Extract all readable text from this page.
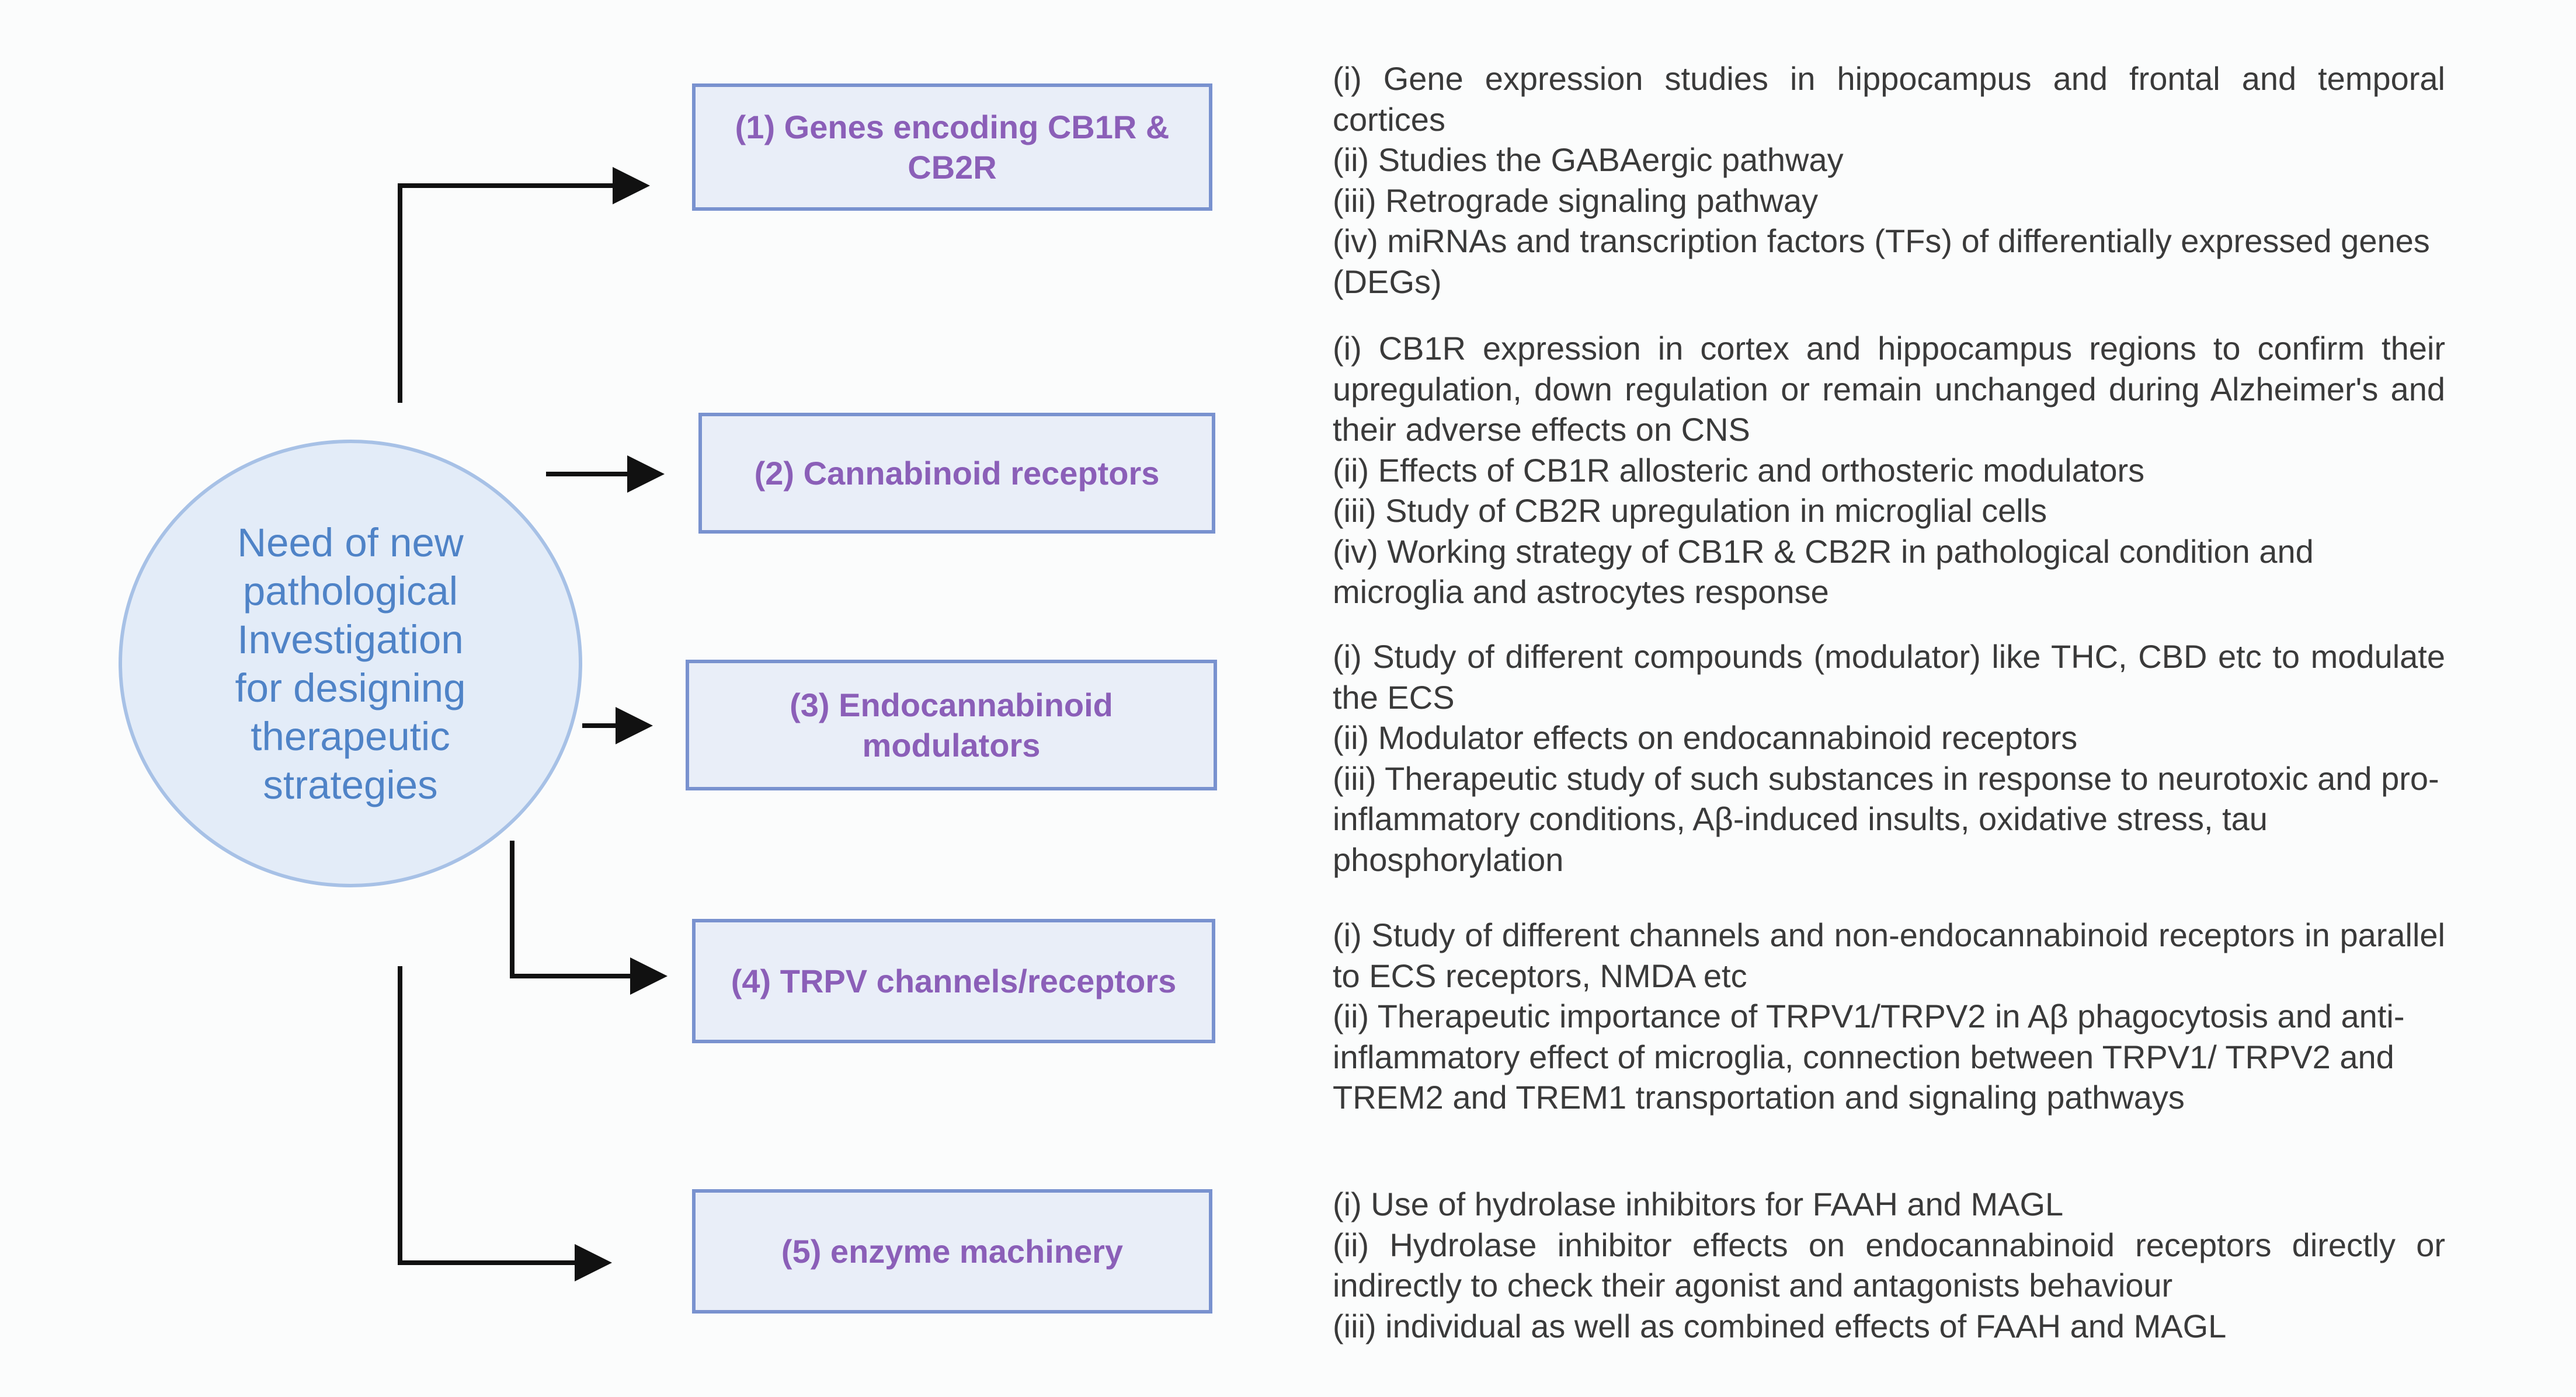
Need of new
pathological
Investigation
for designing
therapeutic
strategies
(1) Genes encoding CB1R &
CB2R
(2) Cannabinoid receptors
(3) Endocannabinoid
modulators
(4) TRPV channels/receptors
(5) enzyme machinery
(i) Gene expression studies in hippocampus and frontal and temporal cortices
(ii) Studies the GABAergic pathway
(iii) Retrograde signaling pathway
(iv) miRNAs and transcription factors (TFs) of differentially expressed genes (DEGs)
(i) CB1R expression in cortex and hippocampus regions to confirm their upregulation, down regulation or remain unchanged during Alzheimer's and their adverse effects on CNS
(ii) Effects of CB1R allosteric and orthosteric modulators
(iii) Study of CB2R upregulation in microglial cells
(iv) Working strategy of CB1R & CB2R in pathological condition and microglia and astrocytes response
(i) Study of different compounds (modulator) like THC, CBD etc to modulate the ECS
(ii) Modulator effects on endocannabinoid receptors
(iii) Therapeutic study of such substances in response to neurotoxic and pro-inflammatory conditions, Aβ-induced insults, oxidative stress, tau phosphorylation
(i) Study of different channels and non-endocannabinoid receptors in parallel to ECS receptors, NMDA etc
(ii) Therapeutic importance of TRPV1/TRPV2 in Aβ phagocytosis and anti-inflammatory effect of microglia, connection between TRPV1/ TRPV2 and TREM2 and TREM1 transportation and signaling pathways
(i) Use of hydrolase inhibitors for FAAH and MAGL
(ii) Hydrolase inhibitor effects on endocannabinoid receptors directly or indirectly to check their agonist and antagonists behaviour
(iii) individual as well as combined effects of FAAH and MAGL
